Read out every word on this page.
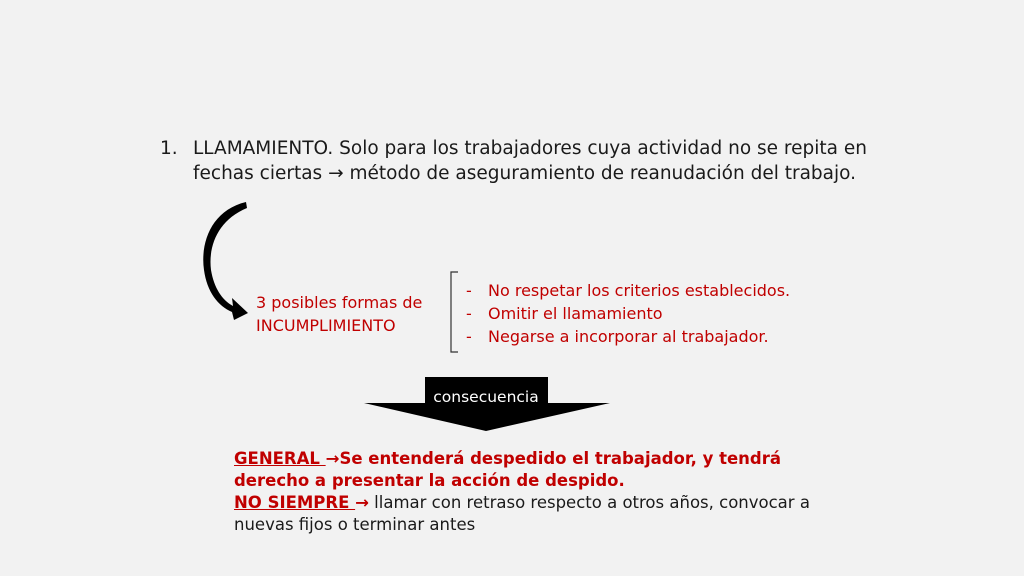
1. LLAMAMIENTO. Solo para los trabajadores cuya actividad no se repita en fechas ciertas → método de aseguramiento de reanudación del trabajo.
3 posibles formas de
INCUMPLIMIENTO
- No respetar los criterios establecidos.
- Omitir el llamamiento
- Negarse a incorporar al trabajador.
consecuencia
GENERAL →Se entenderá despedido el trabajador, y tendrá derecho a presentar la acción de despido.
NO SIEMPRE → llamar con retraso respecto a otros años, convocar a nuevas fijos o terminar antes
